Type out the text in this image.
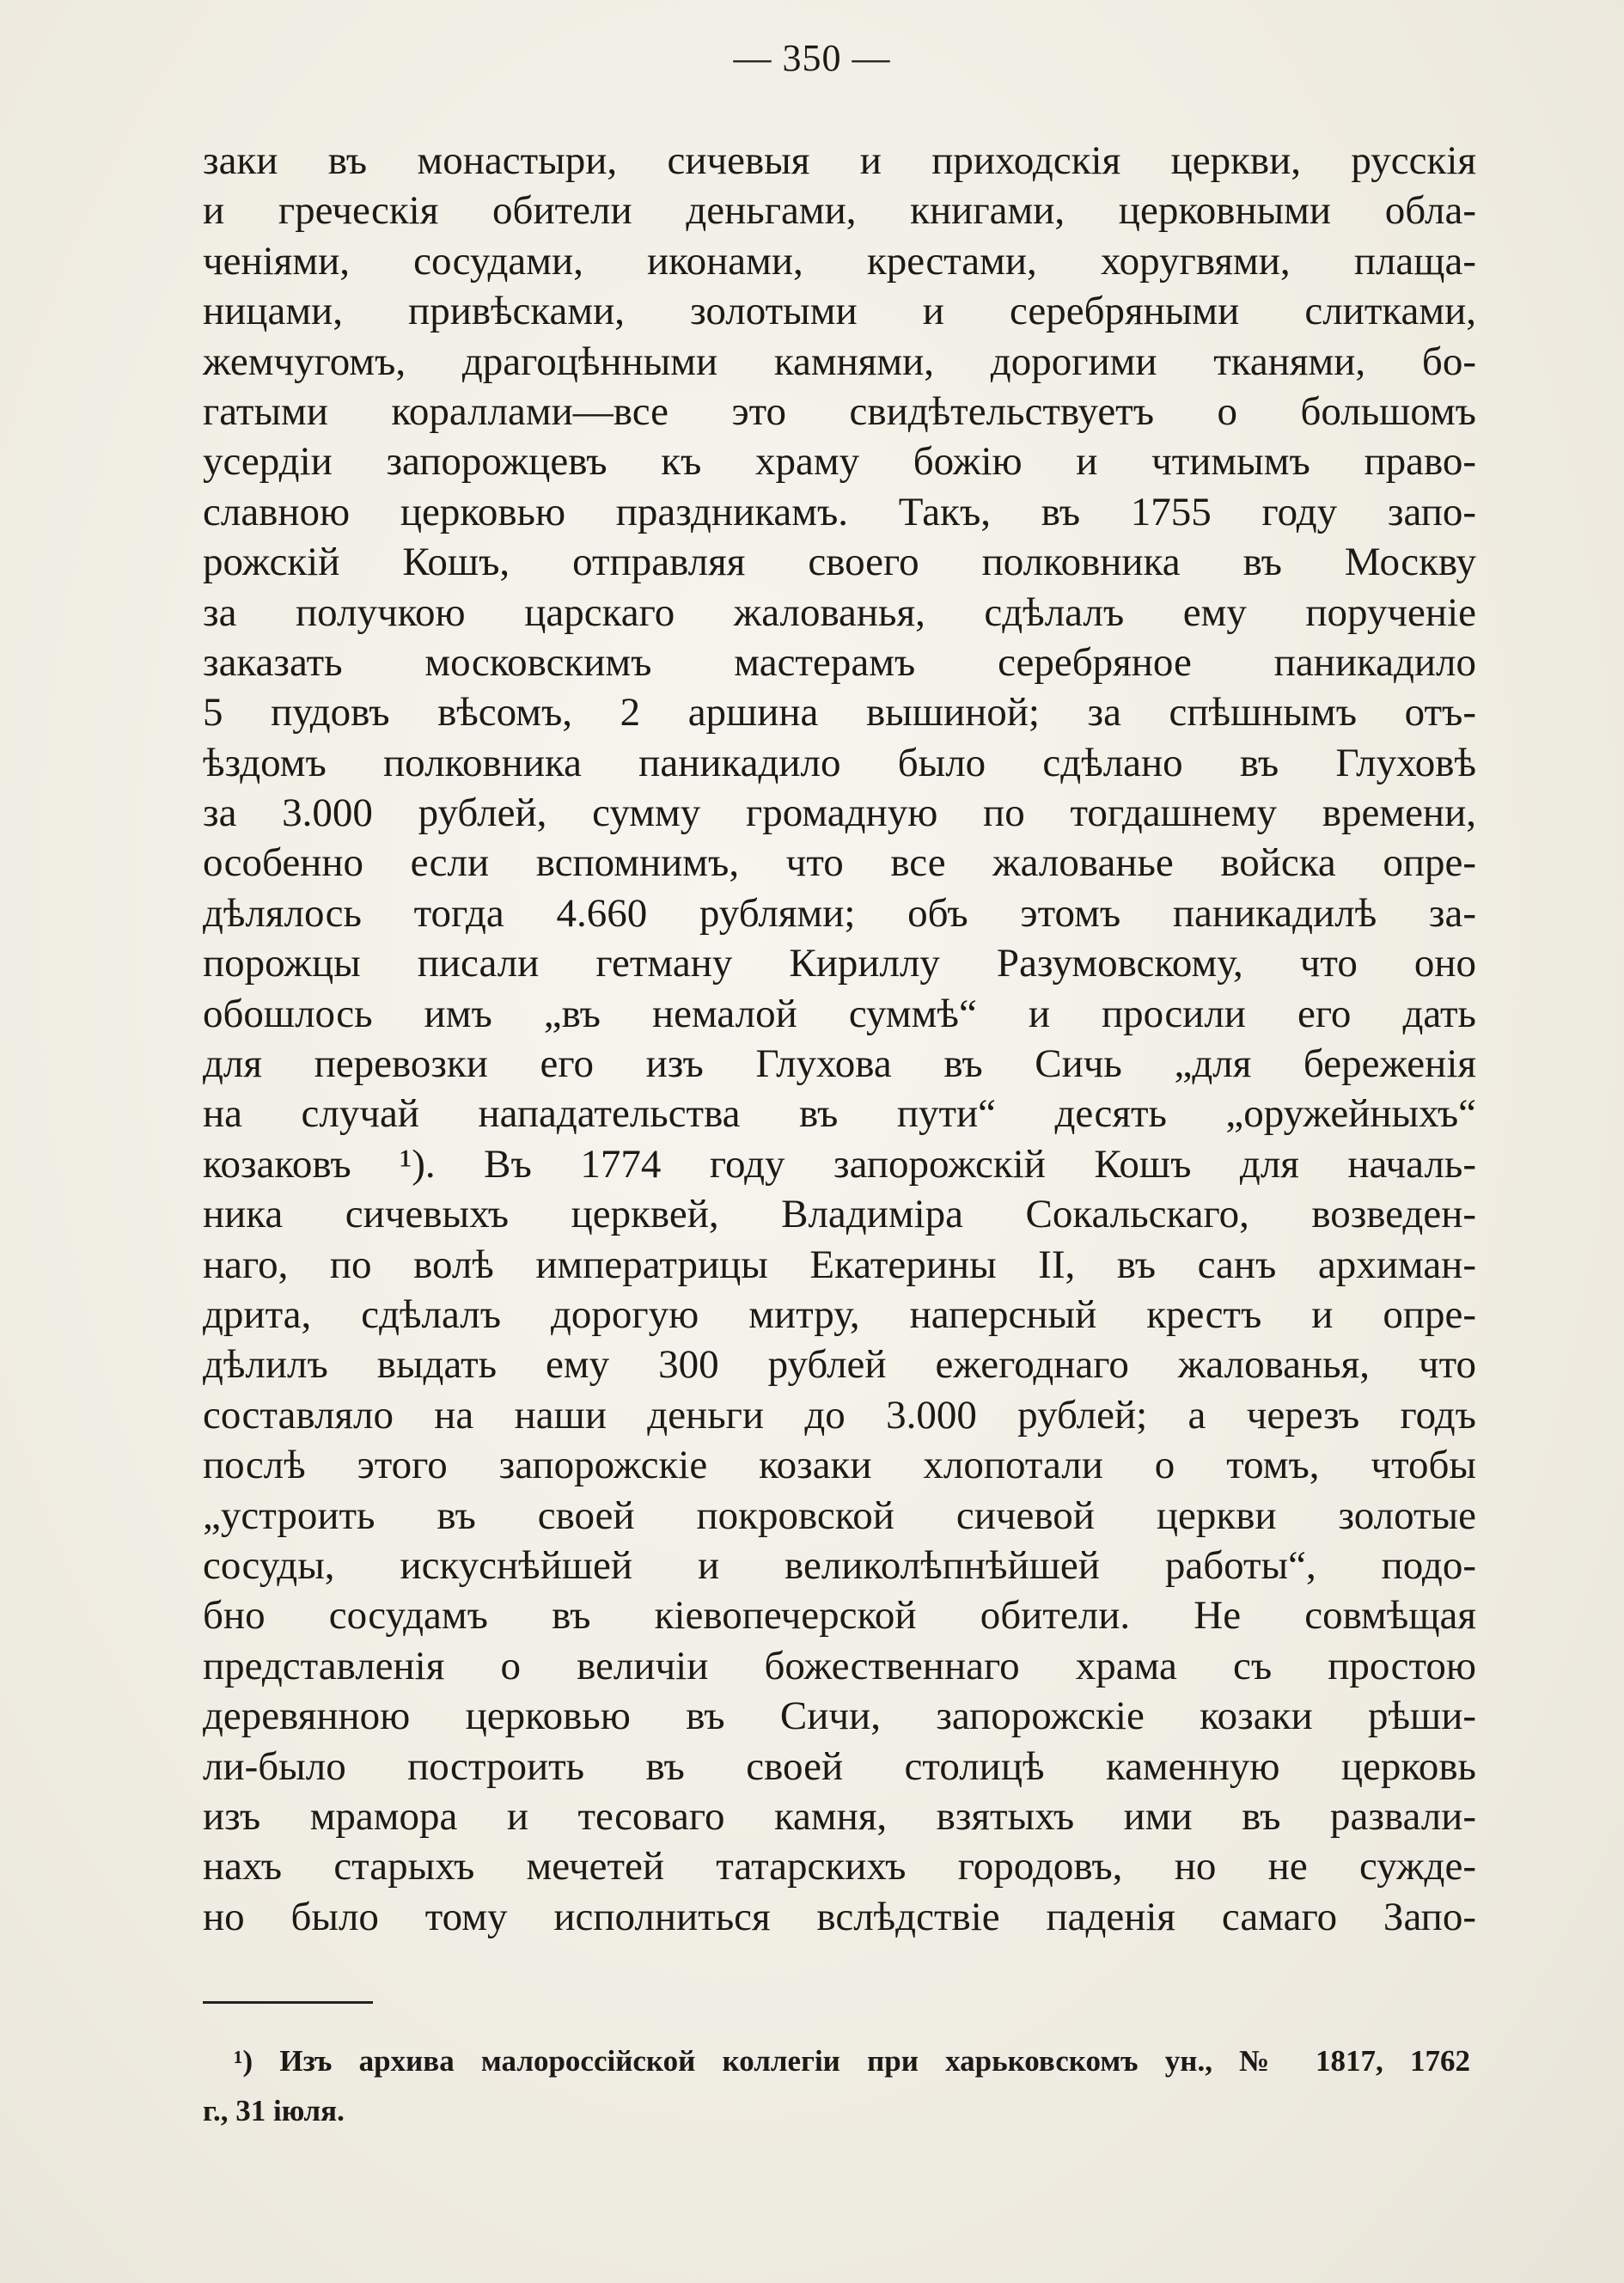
— 350 —
заки въ монастыри, сичевыя и приходскія церкви, русскія
и греческія обители деньгами, книгами, церковными обла-
ченіями, сосудами, иконами, крестами, хоругвями, плаща-
ницами, привѣсками, золотыми и серебряными слитками,
жемчугомъ, драгоцѣнными камнями, дорогими тканями, бо-
гатыми кораллами—все это свидѣтельствуетъ о большомъ
усердіи запорожцевъ къ храму божію и чтимымъ право-
славною церковью праздникамъ. Такъ, въ 1755 году запо-
рожскій Кошъ, отправляя своего полковника въ Москву
за получкою царскаго жалованья, сдѣлалъ ему порученіе
заказать московскимъ мастерамъ серебряное паникадило
5 пудовъ вѣсомъ, 2 аршина вышиной; за спѣшнымъ отъ-
ѣздомъ полковника паникадило было сдѣлано въ Глуховѣ
за 3.000 рублей, сумму громадную по тогдашнему времени,
особенно если вспомнимъ, что все жалованье войска опре-
дѣлялось тогда 4.660 рублями; объ этомъ паникадилѣ за-
порожцы писали гетману Кириллу Разумовскому, что оно
обошлось имъ „въ немалой суммѣ“ и просили его дать
для перевозки его изъ Глухова въ Сичь „для береженія
на случай нападательства въ пути“ десять „оружейныхъ“
козаковъ ¹). Въ 1774 году запорожскій Кошъ для началь-
ника сичевыхъ церквей, Владиміра Сокальскаго, возведен-
наго, по волѣ императрицы Екатерины II, въ санъ архиман-
дрита, сдѣлалъ дорогую митру, наперсный крестъ и опре-
дѣлилъ выдать ему 300 рублей ежегоднаго жалованья, что
составляло на наши деньги до 3.000 рублей; а черезъ годъ
послѣ этого запорожскіе козаки хлопотали о томъ, чтобы
„устроить въ своей покровской сичевой церкви золотые
сосуды, искуснѣйшей и великолѣпнѣйшей работы“, подо-
бно сосудамъ въ кіевопечерской обители. Не совмѣщая
представленія о величіи божественнаго храма съ простою
деревянною церковью въ Сичи, запорожскіе козаки рѣши-
ли-было построить въ своей столицѣ каменную церковь
изъ мрамора и тесоваго камня, взятыхъ ими въ развали-
нахъ старыхъ мечетей татарскихъ городовъ, но не сужде-
но было тому исполниться вслѣдствіе паденія самаго Запо-
¹) Изъ архива малороссійской коллегіи при харьковскомъ ун., № 1817, 1762
г., 31 іюля.
